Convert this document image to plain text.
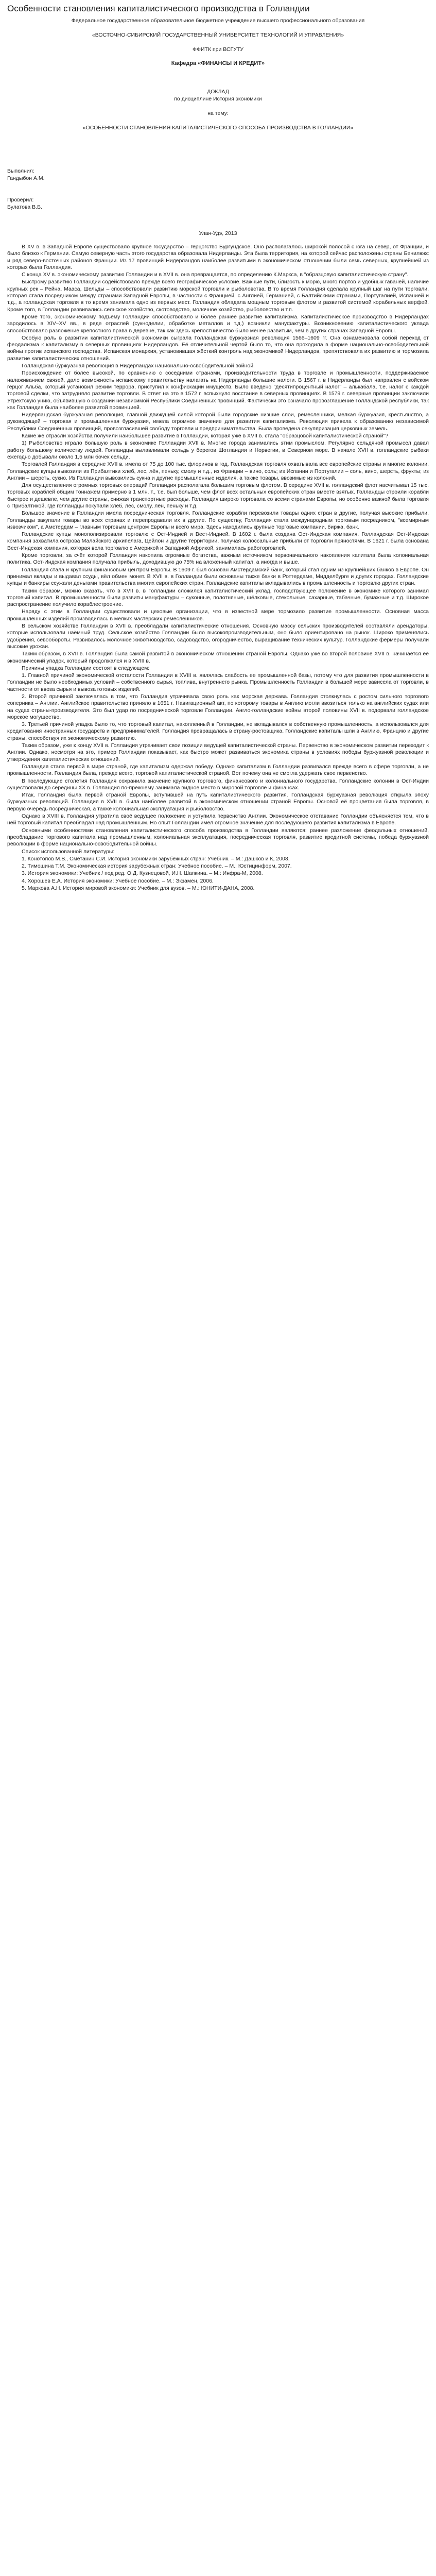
Особенности становления капиталистического производства в Голландии

Федеральное государственное образовательное бюджетное учреждение высшего профессионального образования

«ВОСТОЧНО-СИБИРСКИЙ ГОСУДАРСТВЕННЫЙ УНИВЕРСИТЕТ ТЕХНОЛОГИЙ И УПРАВЛЕНИЯ»

ФФИТК при ВСГУТУ

Кафедра «ФИНАНСЫ И КРЕДИТ»

ДОКЛАД

по дисциплине История экономики

на тему:

«ОСОБЕННОСТИ СТАНОВЛЕНИЯ КАПИТАЛИСТИЧЕСКОГО СПОСОБА ПРОИЗВОДСТВА В ГОЛЛАНДИИ»

Выполнил:

Гандыбон А.М.

Проверил:

Булатова В.Б.

Улан-Удэ, 2013

В XV в. в Западной Европе существовало крупное государство – герцогство Бургундское. Оно располагалось широкой полосой с юга на север, от Франции, и было близко к Германии. Самую северную часть этого государства образовала Нидерланды. Эта была территория, на которой сейчас расположены страны Бенилюкс и ряд северо-восточных районов Франции. Из 17 провинций Нидерландов наиболее развитыми в экономическом отношении были семь северных, крупнейшей из которых была Голландия.

С конца XV в. экономическому развитию Голландии и в XVII в. она превращается, по определению К.Маркса, в "образцовую капиталистическую страну".

Быстрому развитию Голландии содействовало прежде всего географическое условие. Важные пути, близость к морю, много портов и удобных гаваней, наличие крупных рек – Рейна, Мааса, Шельды – способствовали развитию морской торговли и рыболовства. В то время Голландия сделала крупный шаг на пути торговли, которая стала посредником между странами Западной Европы, в частности с Францией, с Англией, Германией, с Балтийскими странами, Португалией, Испанией и т.д., а голландская торговля в то время занимала одно из первых мест. Голландия обладала мощным торговым флотом и развитой системой корабельных верфей. Кроме того, в Голландии развивались сельское хозяйство, скотоводство, молочное хозяйство, рыболовство и т.п.

Кроме того, экономическому подъёму Голландии способствовало и более раннее развитие капитализма. Капиталистическое производство в Нидерландах зародилось в XIV–XV вв., в ряде отраслей (сукноделии, обработке металлов и т.д.) возникли мануфактуры. Возникновению капиталистического уклада способствовало разложение крепостного права в деревне, так как здесь крепостничество было менее развитым, чем в других странах Западной Европы.

Особую роль в развитии капиталистической экономики сыграла Голландская буржуазная революция 1566–1609 гг. Она ознаменовала собой переход от феодализма к капитализму в северных провинциях Нидерландов. Её отличительной чертой было то, что она проходила в форме национально-освободительной войны против испанского господства. Испанская монархия, установившая жёсткий контроль над экономикой Нидерландов, препятствовала их развитию и тормозила развитие капиталистических отношений.

Голландская буржуазная революция в Нидерландах национально-освободительной войной.

Происхождение от более высокой, по сравнению с соседними странами, производительности труда в торговле и промышленности, поддерживаемое налаживанием связей, дало возможность испанскому правительству налагать на Нидерланды большие налоги. В 1567 г. в Нидерланды был направлен с войском герцог Альба, который установил режим террора, приступил к конфискации имуществ. Было введено "десятипроцентный налог" – алькабала, т.е. налог с каждой торговой сделки, что затрудняло развитие торговли. В ответ на это в 1572 г. вспыхнуло восстание в северных провинциях. В 1579 г. северные провинции заключили Утрехтскую унию, объявившую о создании независимой Республики Соединённых провинций. Фактически это означало провозглашение Голландской республики, так как Голландия была наиболее развитой провинцией.

Нидерландская буржуазная революция, главной движущей силой которой были городские низшие слои, ремесленники, мелкая буржуазия, крестьянство, а руководящей – торговая и промышленная буржуазия, имела огромное значение для развития капитализма. Революция привела к образованию независимой Республики Соединённых провинций, провозгласившей свободу торговли и предпринимательства. Была проведена секуляризация церковных земель.

Какие же отрасли хозяйства получили наибольшее развитие в Голландии, которая уже в XVII в. стала "образцовой капиталистической страной"?

1) Рыболовство играло большую роль в экономике Голландии XVII в. Многие города занимались этим промыслом. Регулярно сельдяной промысел давал работу большому количеству людей. Голландцы вылавливали сельдь у берегов Шотландии и Норвегии, в Северном море. В начале XVII в. голландские рыбаки ежегодно добывали около 1,5 млн бочек сельди.

Торговлей Голландия в середине XVII в. имела от 75 до 100 тыс. флоринов в год. Голландская торговля охватывала все европейские страны и многие колонии. Голландские купцы вывозили из Прибалтики хлеб, лес, лён, пеньку, смолу и т.д., из Франции – вино, соль; из Испании и Португалии – соль, вино, шерсть, фрукты; из Англии – шерсть, сукно. Из Голландии вывозились сукна и другие промышленные изделия, а также товары, ввозимые из колоний.

Для осуществления огромных торговых операций Голландия располагала большим торговым флотом. В середине XVII в. голландский флот насчитывал 15 тыс. торговых кораблей общим тоннажем примерно в 1 млн. т., т.е. был больше, чем флот всех остальных европейских стран вместе взятых. Голландцы строили корабли быстрее и дешевле, чем другие страны, снижая транспортные расходы. Голландия широко торговала со всеми странами Европы, но особенно важной была торговля с Прибалтикой, где голландцы покупали хлеб, лес, смолу, лён, пеньку и т.д.

Большое значение в Голландии имела посредническая торговля. Голландские корабли перевозили товары одних стран в другие, получая высокие прибыли. Голландцы закупали товары во всех странах и перепродавали их в другие. По существу, Голландия стала международным торговым посредником, "всемирным извозчиком", а Амстердам – главным торговым центром Европы и всего мира. Здесь находились крупные торговые компании, биржа, банк.

Голландские купцы монополизировали торговлю с Ост-Индией и Вест-Индией. В 1602 г. была создана Ост-Индская компания. Голландская Ост-Индская компания захватила острова Малайского архипелага, Цейлон и другие территории, получая колоссальные прибыли от торговли пряностями. В 1621 г. была основана Вест-Индская компания, которая вела торговлю с Америкой и Западной Африкой, занималась работорговлей.

Кроме торговли, за счёт которой Голландия накопила огромные богатства, важным источником первоначального накопления капитала была колониальная политика. Ост-Индская компания получала прибыль, доходившую до 75% на вложенный капитал, а иногда и выше.

Голландия стала и крупным финансовым центром Европы. В 1609 г. был основан Амстердамский банк, который стал одним из крупнейших банков в Европе. Он принимал вклады и выдавал ссуды, вёл обмен монет. В XVII в. в Голландии были основаны также банки в Роттердаме, Мидделбурге и других городах. Голландские купцы и банкиры ссужали деньгами правительства многих европейских стран. Голландские капиталы вкладывались в промышленность и торговлю других стран.

Таким образом, можно сказать, что в XVII в. в Голландии сложился капиталистический уклад, господствующее положение в экономике которого занимал торговый капитал. В промышленности были развиты мануфактуры – суконные, полотняные, шёлковые, стекольные, сахарные, табачные, бумажные и т.д. Широкое распространение получило кораблестроение.

Наряду с этим в Голландии существовали и цеховые организации, что в известной мере тормозило развитие промышленности. Основная масса промышленных изделий производилась в мелких мастерских ремесленников.

В сельском хозяйстве Голландии в XVII в. преобладали капиталистические отношения. Основную массу сельских производителей составляли арендаторы, которые использовали наёмный труд. Сельское хозяйство Голландии было высокопроизводительным, оно было ориентировано на рынок. Широко применялись удобрения, севообороты. Развивалось молочное животноводство, садоводство, огородничество, выращивание технических культур. Голландские фермеры получали высокие урожаи.

Таким образом, в XVII в. Голландия была самой развитой в экономическом отношении страной Европы. Однако уже во второй половине XVII в. начинается её экономический упадок, который продолжался и в XVIII в.

Причины упадка Голландии состоят в следующем:

1. Главной причиной экономической отсталости Голландии в XVIII в. являлась слабость ее промышленной базы, потому что для развития промышленности в Голландии не было необходимых условий – собственного сырья, топлива, внутреннего рынка. Промышленность Голландии в большей мере зависела от торговли, в частности от ввоза сырья и вывоза готовых изделий.

2. Второй причиной заключалась в том, что Голландия утрачивала свою роль как морская держава. Голландия столкнулась с ростом сильного торгового соперника – Англии. Английское правительство приняло в 1651 г. Навигационный акт, по которому товары в Англию могли ввозиться только на английских судах или на судах страны-производителя. Это был удар по посреднической торговле Голландии. Англо-голландские войны второй половины XVII в. подорвали голландское морское могущество.

3. Третьей причиной упадка было то, что торговый капитал, накопленный в Голландии, не вкладывался в собственную промышленность, а использовался для кредитования иностранных государств и предпринимателей. Голландия превращалась в страну-ростовщика. Голландские капиталы шли в Англию, Францию и другие страны, способствуя их экономическому развитию.

Таким образом, уже к концу XVII в. Голландия утрачивает свои позиции ведущей капиталистической страны. Первенство в экономическом развитии переходит к Англии. Однако, несмотря на это, пример Голландии показывает, как быстро может развиваться экономика страны в условиях победы буржуазной революции и утверждения капиталистических отношений.

Голландия стала первой в мире страной, где капитализм одержал победу. Однако капитализм в Голландии развивался прежде всего в сфере торговли, а не промышленности. Голландия была, прежде всего, торговой капиталистической страной. Вот почему она не смогла удержать свое первенство.

В последующие столетия Голландия сохранила значение крупного торгового, финансового и колониального государства. Голландские колонии в Ост-Индии существовали до середины XX в. Голландия по-прежнему занимала видное место в мировой торговле и финансах.

Итак, Голландия была первой страной Европы, вступившей на путь капиталистического развития. Голландская буржуазная революция открыла эпоху буржуазных революций. Голландия в XVII в. была наиболее развитой в экономическом отношении страной Европы. Основой её процветания была торговля, в первую очередь посредническая, а также колониальная эксплуатация и рыболовство.

Однако в XVIII в. Голландия утратила своё ведущее положение и уступила первенство Англии. Экономическое отставание Голландии объясняется тем, что в ней торговый капитал преобладал над промышленным. Но опыт Голландии имел огромное значение для последующего развития капитализма в Европе.

Основными особенностями становления капиталистического способа производства в Голландии являются: раннее разложение феодальных отношений, преобладание торгового капитала над промышленным, колониальная эксплуатация, посредническая торговля, развитие кредитной системы, победа буржуазной революции в форме национально-освободительной войны.

Список использованной литературы:

1. Конотопов М.В., Сметанин С.И. История экономики зарубежных стран: Учебник. – М.: Дашков и К, 2008.

2. Тимошина Т.М. Экономическая история зарубежных стран: Учебное пособие. – М.: Юстицинформ, 2007.

3. История экономики: Учебник / под ред. О.Д. Кузнецовой, И.Н. Шапкина. – М.: Инфра-М, 2008.

4. Хорошев Е.А. История экономики: Учебное пособие. – М.: Экзамен, 2006.

5. Маркова А.Н. История мировой экономики: Учебник для вузов. – М.: ЮНИТИ-ДАНА, 2008.
